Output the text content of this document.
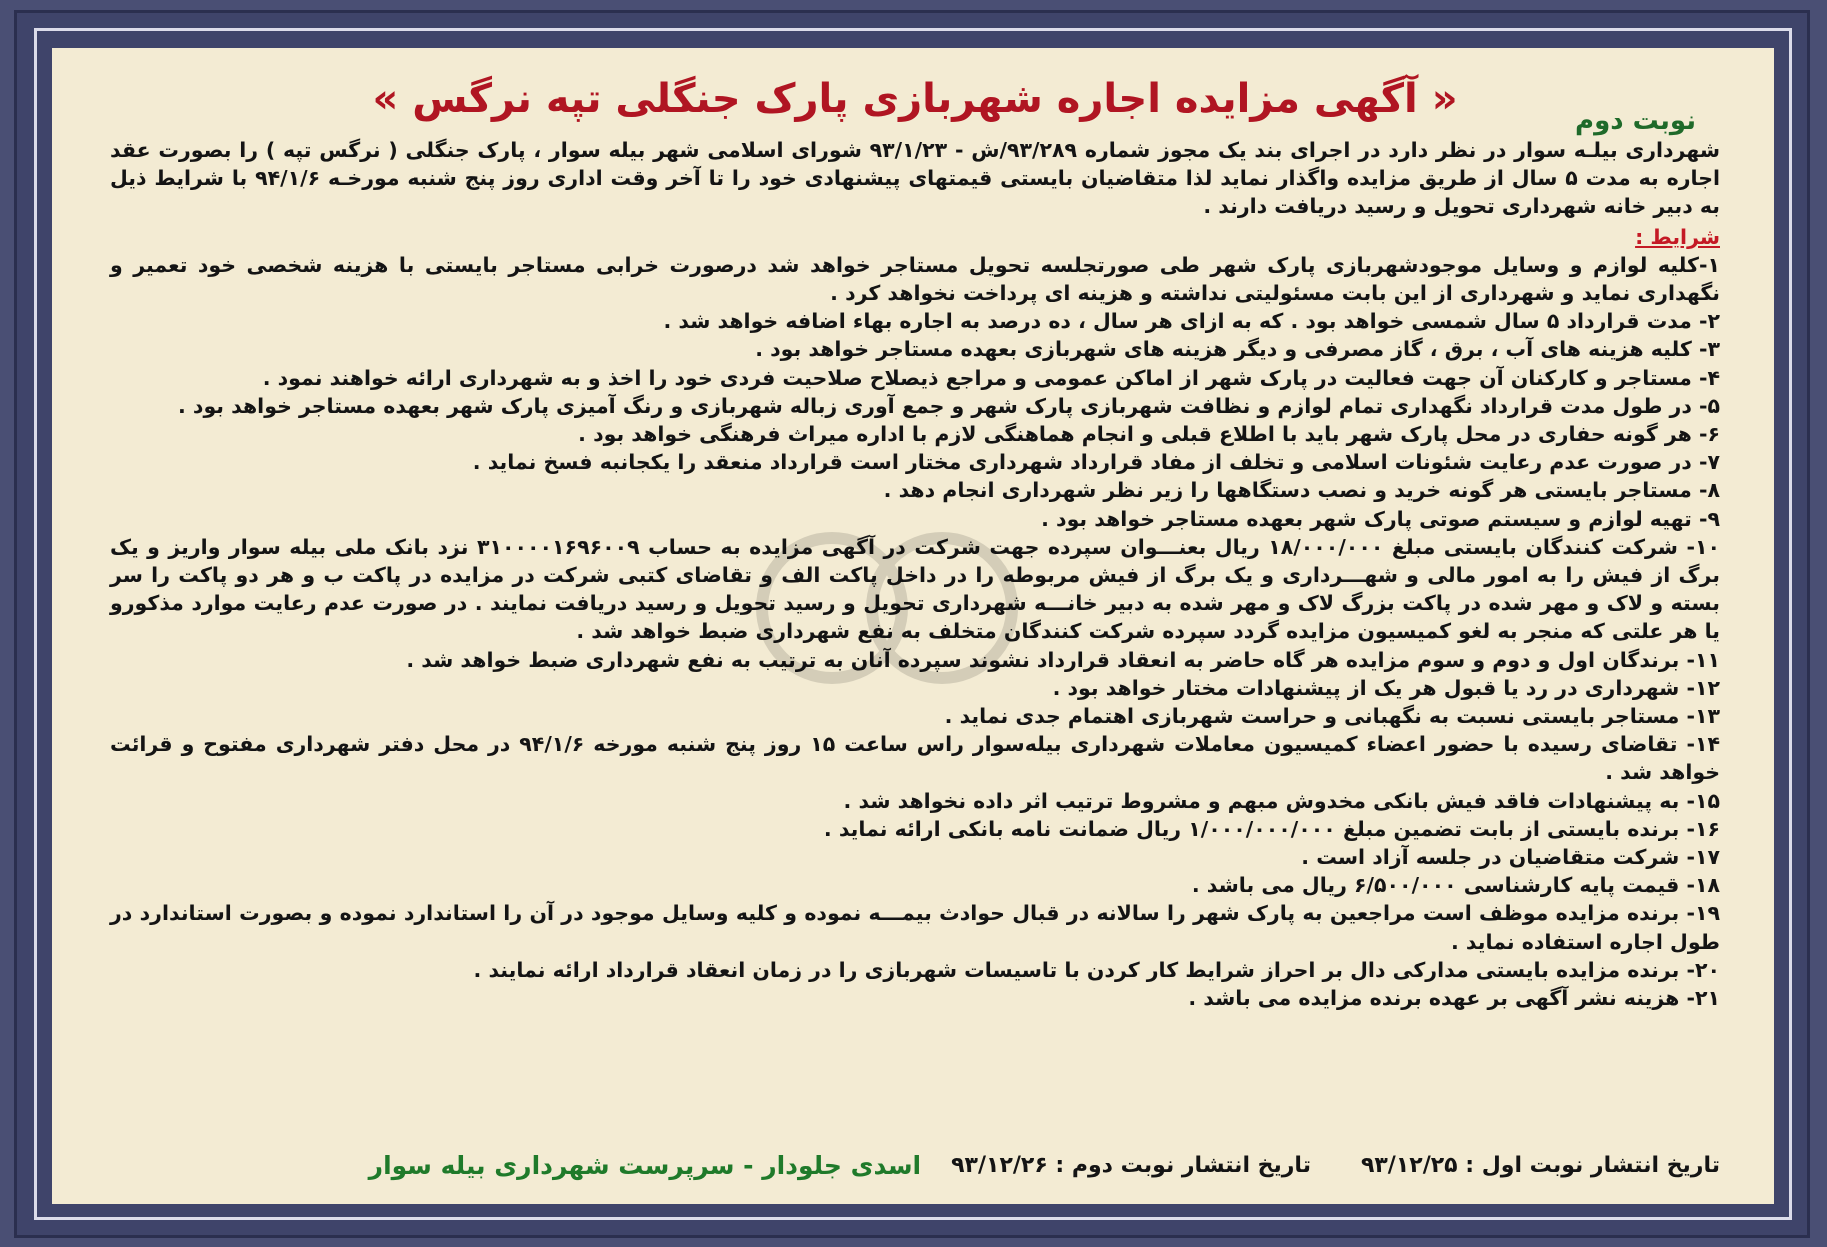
نوبت دوم
« آگهی مزایده اجاره شهربازی پارک جنگلی تپه نرگس »

شهرداری بیلـه سوار در نظر دارد در اجرای بند یک مجوز شماره ۹۳/۲۸۹/ش - ۹۳/۱/۲۳ شورای اسلامی شهر بیله سوار ، پارک جنگلی ( نرگس تپه ) را بصورت عقد اجاره به مدت ۵ سال از طریق مزایده واگذار نماید لذا متقاضیان بایستی قیمتهای پیشنهادی خود را تا آخر وقت اداری روز پنج شنبه مورخـه ۹۴/۱/۶ با شرایط ذیل به دبیر خانه شهرداری تحویل و رسید دریافت دارند .

شرایط :
۱-کلیه لوازم و وسایل موجودشهربازی پارک شهر طی صورتجلسه تحویل مستاجر خواهد شد درصورت خرابی مستاجر بایستی با هزینه شخصی خود تعمیر و نگهداری نماید و شهرداری از این بابت مسئولیتی نداشته و هزینه ای پرداخت نخواهد کرد .
۲- مدت قرارداد ۵ سال شمسی خواهد بود . که به ازای هر سال ، ده درصد به اجاره بهاء اضافه خواهد شد .
۳- کلیه هزینه های آب ، برق ، گاز مصرفی و دیگر هزینه های شهربازی بعهده مستاجر خواهد بود .
۴- مستاجر و کارکنان آن جهت فعالیت در پارک شهر از اماکن عمومی و مراجع ذیصلاح صلاحیت فردی خود را اخذ و به شهرداری ارائه خواهند نمود .
۵- در طول مدت قرارداد نگهداری تمام لوازم و نظافت شهربازی پارک شهر و جمع آوری زباله شهربازی و رنگ آمیزی پارک شهر بعهده مستاجر خواهد بود .
۶- هر گونه حفاری در محل پارک شهر باید با اطلاع قبلی و انجام هماهنگی لازم با اداره میراث فرهنگی خواهد بود .
۷- در صورت عدم رعایت شئونات اسلامی و تخلف از مفاد قرارداد شهرداری مختار است قرارداد منعقد را یکجانبه فسخ نماید .
۸- مستاجر بایستی هر گونه خرید و نصب دستگاهها را زیر نظر شهرداری انجام دهد .
۹- تهیه لوازم و سیستم صوتی پارک شهر بعهده مستاجر خواهد بود .
۱۰- شرکت کنندگان بایستی مبلغ ۱۸/۰۰۰/۰۰۰ ریال بعنـــوان سپرده جهت شرکت در آگهی مزایده به حساب ۳۱۰۰۰۰۱۶۹۶۰۰۹ نزد بانک ملی بیله سوار واریز و یک برگ از فیش را به امور مالی و شهـــرداری و یک برگ از فیش مربوطه را در داخل پاکت الف و تقاضای کتبی شرکت در مزایده در پاکت ب و هر دو پاکت را سر بسته و لاک و مهر شده در پاکت بزرگ لاک و مهر شده به دبیر خانـــه شهرداری تحویل و رسید تحویل و رسید دریافت نمایند . در صورت عدم رعایت موارد مذکورو یا هر علتی که منجر به لغو کمیسیون مزایده گردد سپرده شرکت کنندگان متخلف به نفع شهرداری ضبط خواهد شد .
۱۱- برندگان اول و دوم و سوم مزایده هر گاه حاضر به انعقاد قرارداد نشوند سپرده آنان به ترتیب به نفع شهرداری ضبط خواهد شد .
۱۲- شهرداری در رد یا قبول هر یک از پیشنهادات مختار خواهد بود .
۱۳- مستاجر بایستی نسبت به نگهبانی و حراست شهربازی اهتمام جدی نماید .
۱۴- تقاضای رسیده با حضور اعضاء کمیسیون معاملات شهرداری بیله‌سوار راس ساعت ۱۵ روز پنج شنبه مورخه ۹۴/۱/۶ در محل دفتر شهرداری مفتوح و قرائت خواهد شد .
۱۵- به پیشنهادات فاقد فیش بانکی مخدوش مبهم و مشروط ترتیب اثر داده نخواهد شد .
۱۶- برنده بایستی از بابت تضمین مبلغ ۱/۰۰۰/۰۰۰/۰۰۰ ریال ضمانت نامه بانکی ارائه نماید .
۱۷- شرکت متقاضیان در جلسه آزاد است .
۱۸- قیمت پایه کارشناسی ۶/۵۰۰/۰۰۰ ریال می باشد .
۱۹- برنده مزایده موظف است مراجعین به پارک شهر را سالانه در قبال حوادث بیمـــه نموده و کلیه وسایل موجود در آن را استاندارد نموده و بصورت استاندارد در طول اجاره استفاده نماید .
۲۰- برنده مزایده بایستی مدارکی دال بر احراز شرایط کار کردن با تاسیسات شهربازی را در زمان انعقاد قرارداد ارائه نمایند .
۲۱- هزینه نشر آگهی بر عهده برنده مزایده می باشد .
تاریخ انتشار نوبت اول : ۹۳/۱۲/۲۵
تاریخ انتشار نوبت دوم : ۹۳/۱۲/۲۶
اسدی جلودار - سرپرست شهرداری بیله سوار
